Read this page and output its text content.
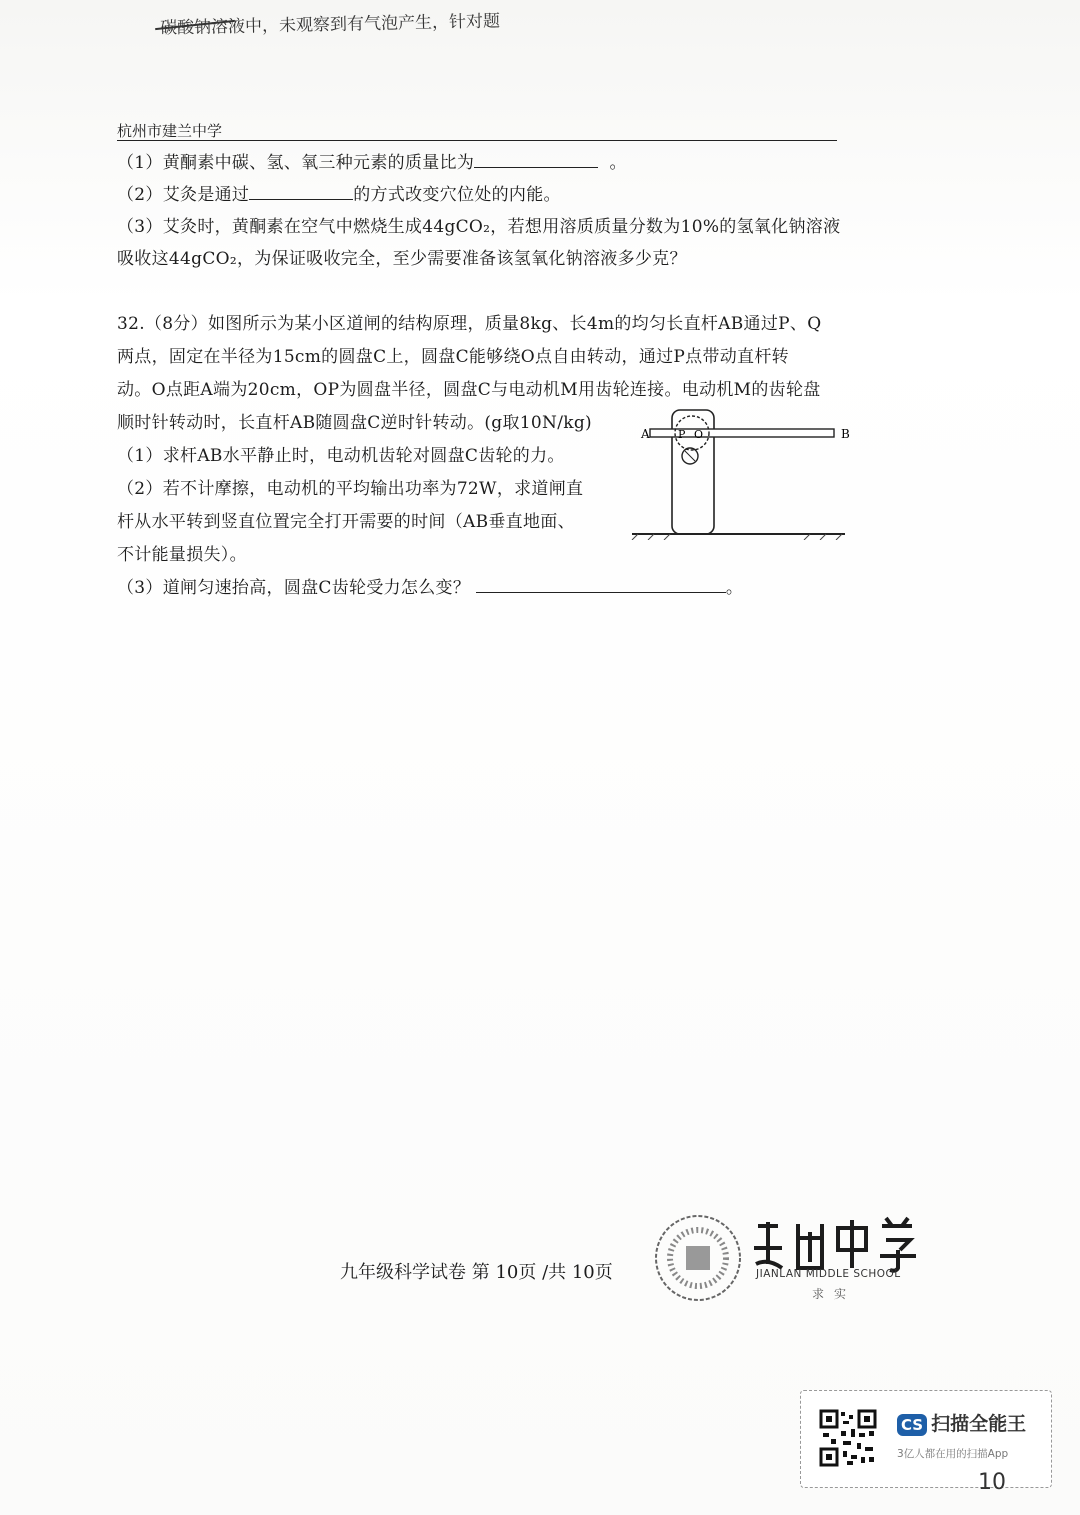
碳酸钠溶液中，未观察到有气泡产生，针对题
杭州市建兰中学
（1）黄酮素中碳、氢、氧三种元素的质量比为	。
（2）艾灸是通过	的方式改变穴位处的内能。
（3）艾灸时，黄酮素在空气中燃烧生成44gCO₂，若想用溶质质量分数为10%的氢氧化钠溶液
吸收这44gCO₂，为保证吸收完全，至少需要准备该氢氧化钠溶液多少克？
32.（8分）如图所示为某小区道闸的结构原理，质量8kg、长4m的均匀长直杆AB通过P、Q
两点，固定在半径为15cm的圆盘C上，圆盘C能够绕O点自由转动，通过P点带动直杆转
动。O点距A端为20cm，OP为圆盘半径，圆盘C与电动机M用齿轮连接。电动机M的齿轮盘
顺时针转动时，长直杆AB随圆盘C逆时针转动。(g取10N/kg)
（1）求杆AB水平静止时，电动机齿轮对圆盘C齿轮的力。
（2）若不计摩擦，电动机的平均输出功率为72W，求道闸直
杆从水平转到竖直位置完全打开需要的时间（AB垂直地面、
不计能量损失）。
（3）道闸匀速抬高，圆盘C齿轮受力怎么变？	。
A	B
P O
九年级科学试卷 第 10页 /共 10页	JIANLAN MIDDLE SCHOOL
求实
CS 扫描全能王
3亿人都在用的扫描App
10
